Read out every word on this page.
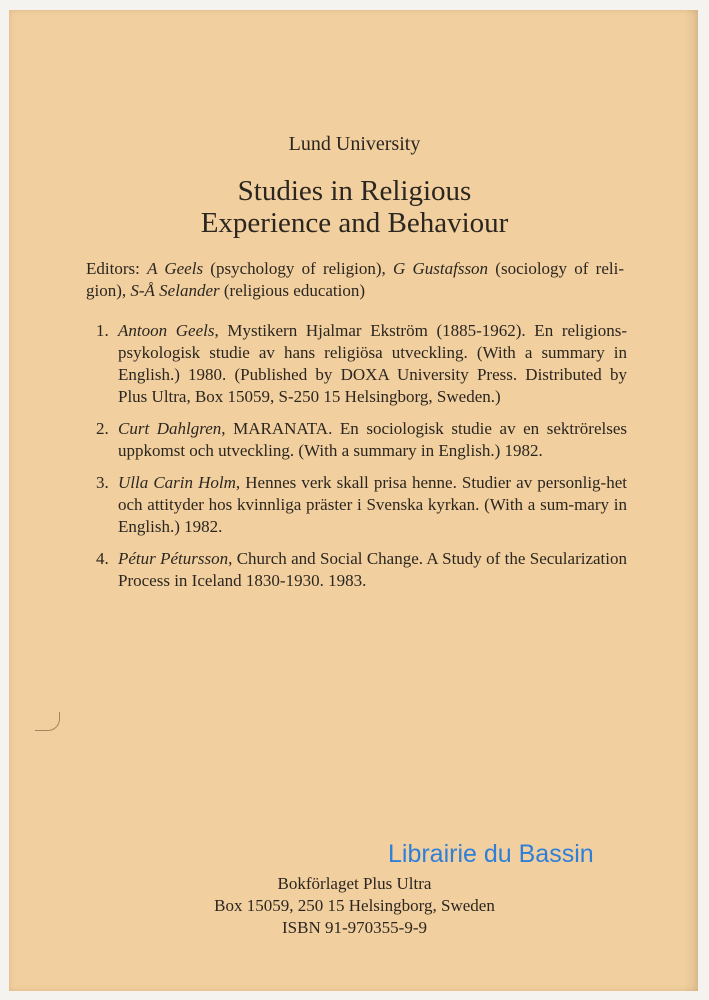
Lund University
Studies in Religious
Experience and Behaviour
Editors: A Geels (psychology of religion), G Gustafsson (sociology of reli-gion), S-Å Selander (religious education)
1. Antoon Geels, Mystikern Hjalmar Ekström (1885-1962). En religions-psykologisk studie av hans religiösa utveckling. (With a summary in English.) 1980. (Published by DOXA University Press. Distributed by Plus Ultra, Box 15059, S-250 15 Helsingborg, Sweden.)
2. Curt Dahlgren, MARANATA. En sociologisk studie av en sektrörelses uppkomst och utveckling. (With a summary in English.) 1982.
3. Ulla Carin Holm, Hennes verk skall prisa henne. Studier av personlig-het och attityder hos kvinnliga präster i Svenska kyrkan. (With a sum-mary in English.) 1982.
4. Pétur Pétursson, Church and Social Change. A Study of the Secularization Process in Iceland 1830-1930. 1983.
Librairie du Bassin
Bokförlaget Plus Ultra
Box 15059, 250 15 Helsingborg, Sweden
ISBN 91-970355-9-9
